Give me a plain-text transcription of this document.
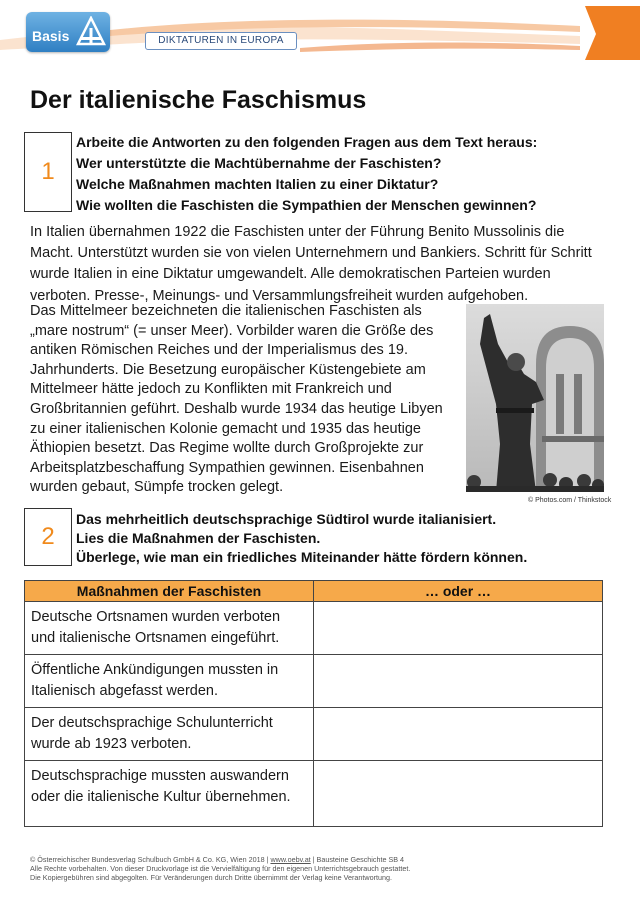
Basis	DIKTATUREN IN EUROPA
Der italienische Faschismus
1
Arbeite die Antworten zu den folgenden Fragen aus dem Text heraus:
Wer unterstützte die Machtübernahme der Faschisten?
Welche Maßnahmen machten Italien zu einer Diktatur?
Wie wollten die Faschisten die Sympathien der Menschen gewinnen?

In Italien übernahmen 1922 die Faschisten unter der Führung Benito Mussolinis die Macht. Unterstützt wurden sie von vielen Unternehmern und Bankiers. Schritt für Schritt wurde Italien in eine Diktatur umgewandelt. Alle demokratischen Parteien wurden verboten. Presse-, Meinungs- und Versammlungsfreiheit wurden aufgehoben.

Das Mittelmeer bezeichneten die italienischen Faschisten als „mare nostrum“ (= unser Meer). Vorbilder waren die Größe des antiken Römischen Reiches und der Imperialismus des 19. Jahrhunderts. Die Besetzung europäischer Küstengebiete am Mittelmeer hätte jedoch zu Konflikten mit Frankreich und Großbritannien geführt. Deshalb wurde 1934 das heutige Libyen zu einer italienischen Kolonie gemacht und 1935 das heutige Äthiopien besetzt. Das Regime wollte durch Großprojekte zur Arbeitsplatzbeschaffung Sympathien gewinnen. Eisenbahnen wurden gebaut, Sümpfe trocken gelegt.

© Photos.com / Thinkstock
2
Das mehrheitlich deutschsprachige Südtirol wurde italianisiert.
Lies die Maßnahmen der Faschisten.
Überlege, wie man ein friedliches Miteinander hätte fördern können.
Maßnahmen der Faschisten	… oder …
Deutsche Ortsnamen wurden verboten und italienische Ortsnamen eingeführt.	
Öffentliche Ankündigungen mussten in Italienisch abgefasst werden.	
Der deutschsprachige Schulunterricht wurde ab 1923 verboten.	
Deutschsprachige mussten auswandern oder die italienische Kultur übernehmen.	
© Österreichischer Bundesverlag Schulbuch GmbH & Co. KG, Wien 2018 | www.oebv.at | Bausteine Geschichte SB 4
Alle Rechte vorbehalten. Von dieser Druckvorlage ist die Vervielfältigung für den eigenen Unterrichtsgebrauch gestattet.
Die Kopiergebühren sind abgegolten. Für Veränderungen durch Dritte übernimmt der Verlag keine Verantwortung.
